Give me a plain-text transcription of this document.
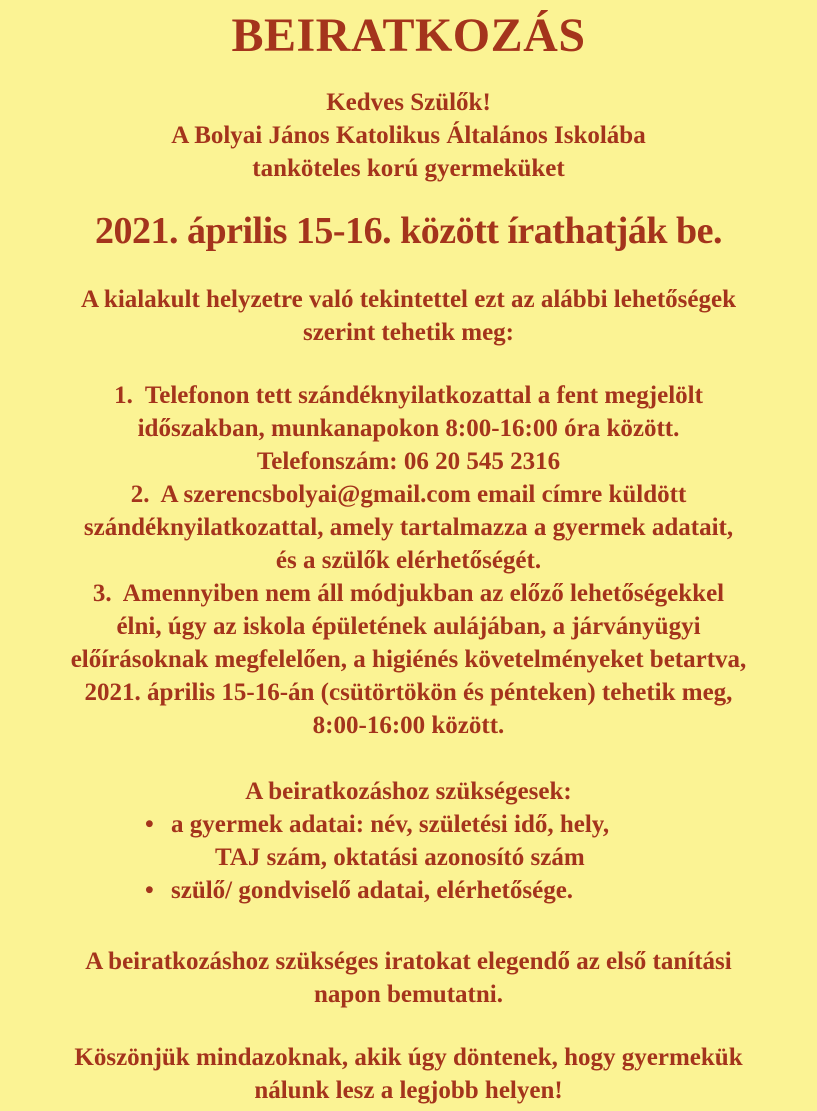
BEIRATKOZÁS
Kedves Szülők!
A Bolyai János Katolikus Általános Iskolába
tanköteles korú gyermeküket
2021. április 15-16. között írathatják be.
A kialakult helyzetre való tekintettel ezt az alábbi lehetőségek
szerint tehetik meg:
1.  Telefonon tett szándéknyilatkozattal a fent megjelölt
időszakban, munkanapokon 8:00-16:00 óra között.
Telefonszám: 06 20 545 2316
2.  A szerencsbolyai@gmail.com email címre küldött
szándéknyilatkozattal, amely tartalmazza a gyermek adatait,
és a szülők elérhetőségét.
3.  Amennyiben nem áll módjukban az előző lehetőségekkel
élni, úgy az iskola épületének aulájában, a járványügyi
előírásoknak megfelelően, a higiénés követelményeket betartva,
2021. április 15-16-án (csütörtökön és pénteken) tehetik meg,
8:00-16:00 között.
A beiratkozáshoz szükségesek:
• a gyermek adatai: név, születési idő, hely,
TAJ szám, oktatási azonosító szám
• szülő/ gondviselő adatai, elérhetősége.
A beiratkozáshoz szükséges iratokat elegendő az első tanítási
napon bemutatni.
Köszönjük mindazoknak, akik úgy döntenek, hogy gyermekük
nálunk lesz a legjobb helyen!
